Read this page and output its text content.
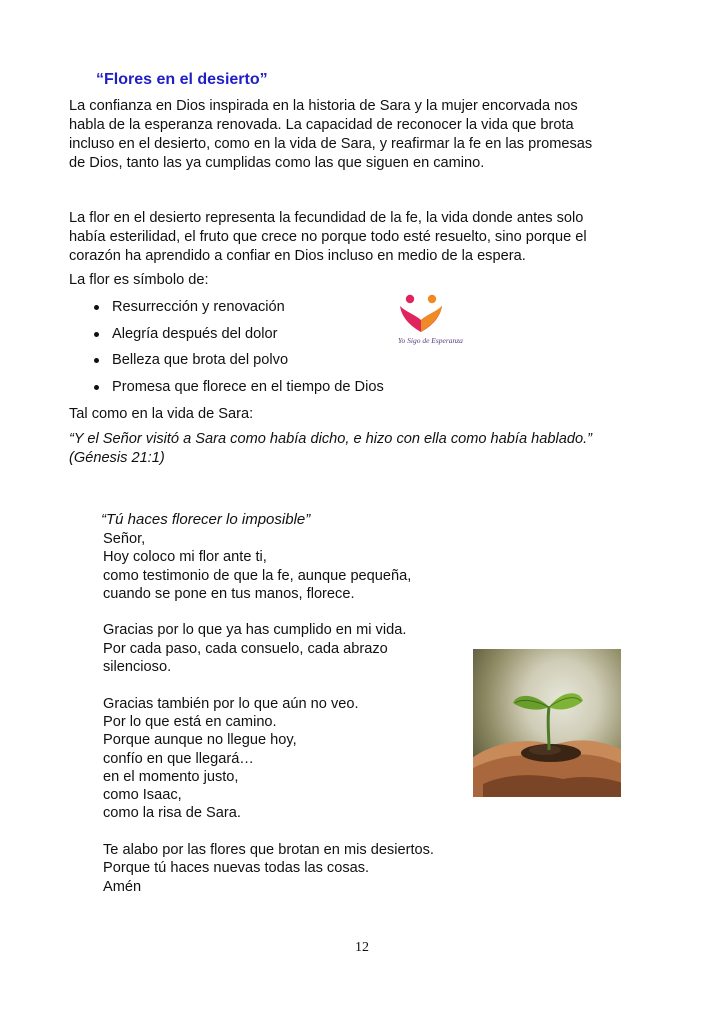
“Flores en el desierto”

La confianza en Dios inspirada en la historia de Sara y la mujer encorvada nos
habla de la esperanza renovada. La capacidad de reconocer la vida que brota
incluso en el desierto, como en la vida de Sara, y reafirmar la fe en las promesas
de Dios, tanto las ya cumplidas como las que siguen en camino.

La flor en el desierto representa la fecundidad de la fe, la vida donde antes solo
había esterilidad, el fruto que crece no porque todo esté resuelto, sino porque el
corazón ha aprendido a confiar en Dios incluso en medio de la espera.

La flor es símbolo de:
Resurrección y renovación
Alegría después del dolor
Belleza que brota del polvo
Promesa que florece en el tiempo de Dios
Yo Sigo de Esperanza
Tal como en la vida de Sara:
“Y el Señor visitó a Sara como había dicho, e hizo con ella como había hablado.”
(Génesis 21:1)
“Tú haces florecer lo imposible”
Señor,
Hoy coloco mi flor ante ti,
como testimonio de que la fe, aunque pequeña,
cuando se pone en tus manos, florece.

Gracias por lo que ya has cumplido en mi vida.
Por cada paso, cada consuelo, cada abrazo
silencioso.

Gracias también por lo que aún no veo.
Por lo que está en camino.
Porque aunque no llegue hoy,
confío en que llegará…
en el momento justo,
como Isaac,
como la risa de Sara.

Te alabo por las flores que brotan en mis desiertos.
Porque tú haces nuevas todas las cosas.
Amén
12
